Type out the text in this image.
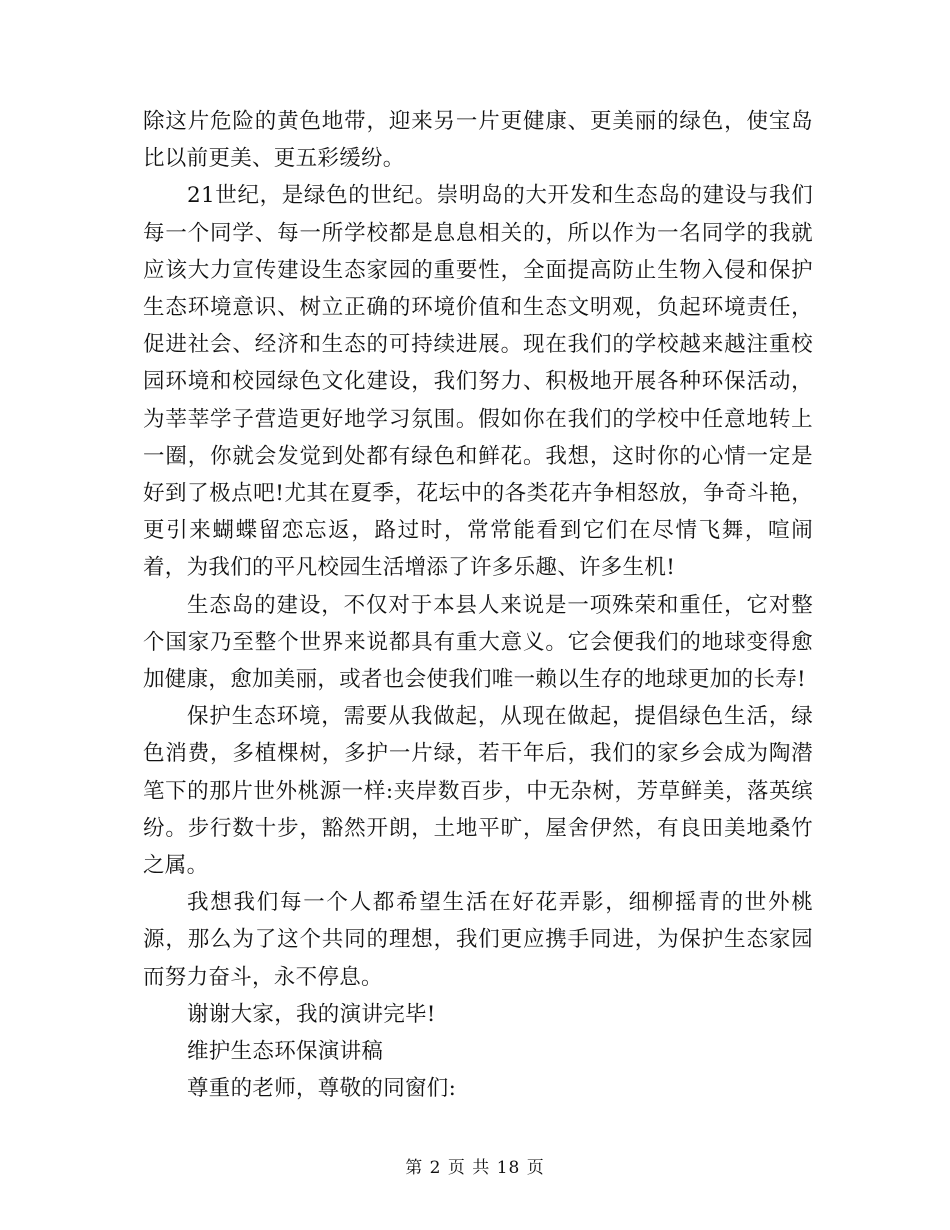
除这片危险的黄色地带，迎来另一片更健康、更美丽的绿色，使宝岛比以前更美、更五彩缓纷。

21世纪，是绿色的世纪。崇明岛的大开发和生态岛的建设与我们每一个同学、每一所学校都是息息相关的，所以作为一名同学的我就应该大力宣传建设生态家园的重要性，全面提高防止生物入侵和保护生态环境意识、树立正确的环境价值和生态文明观，负起环境责任，促进社会、经济和生态的可持续进展。现在我们的学校越来越注重校园环境和校园绿色文化建设，我们努力、积极地开展各种环保活动，为莘莘学子营造更好地学习氛围。假如你在我们的学校中任意地转上一圈，你就会发觉到处都有绿色和鲜花。我想，这时你的心情一定是好到了极点吧!尤其在夏季，花坛中的各类花卉争相怒放，争奇斗艳，更引来蝴蝶留恋忘返，路过时，常常能看到它们在尽情飞舞，喧闹着，为我们的平凡校园生活增添了许多乐趣、许多生机!

生态岛的建设，不仅对于本县人来说是一项殊荣和重任，它对整个国家乃至整个世界来说都具有重大意义。它会便我们的地球变得愈加健康，愈加美丽，或者也会使我们唯一赖以生存的地球更加的长寿!

保护生态环境，需要从我做起，从现在做起，提倡绿色生活，绿色消费，多植棵树，多护一片绿，若干年后，我们的家乡会成为陶潜笔下的那片世外桃源一样:夹岸数百步，中无杂树，芳草鲜美，落英缤纷。步行数十步，豁然开朗，土地平旷，屋舍伊然，有良田美地桑竹之属。

我想我们每一个人都希望生活在好花弄影，细柳摇青的世外桃源，那么为了这个共同的理想，我们更应携手同进，为保护生态家园而努力奋斗，永不停息。

谢谢大家，我的演讲完毕!

维护生态环保演讲稿

尊重的老师，尊敬的同窗们:

第 2 页 共 18 页
